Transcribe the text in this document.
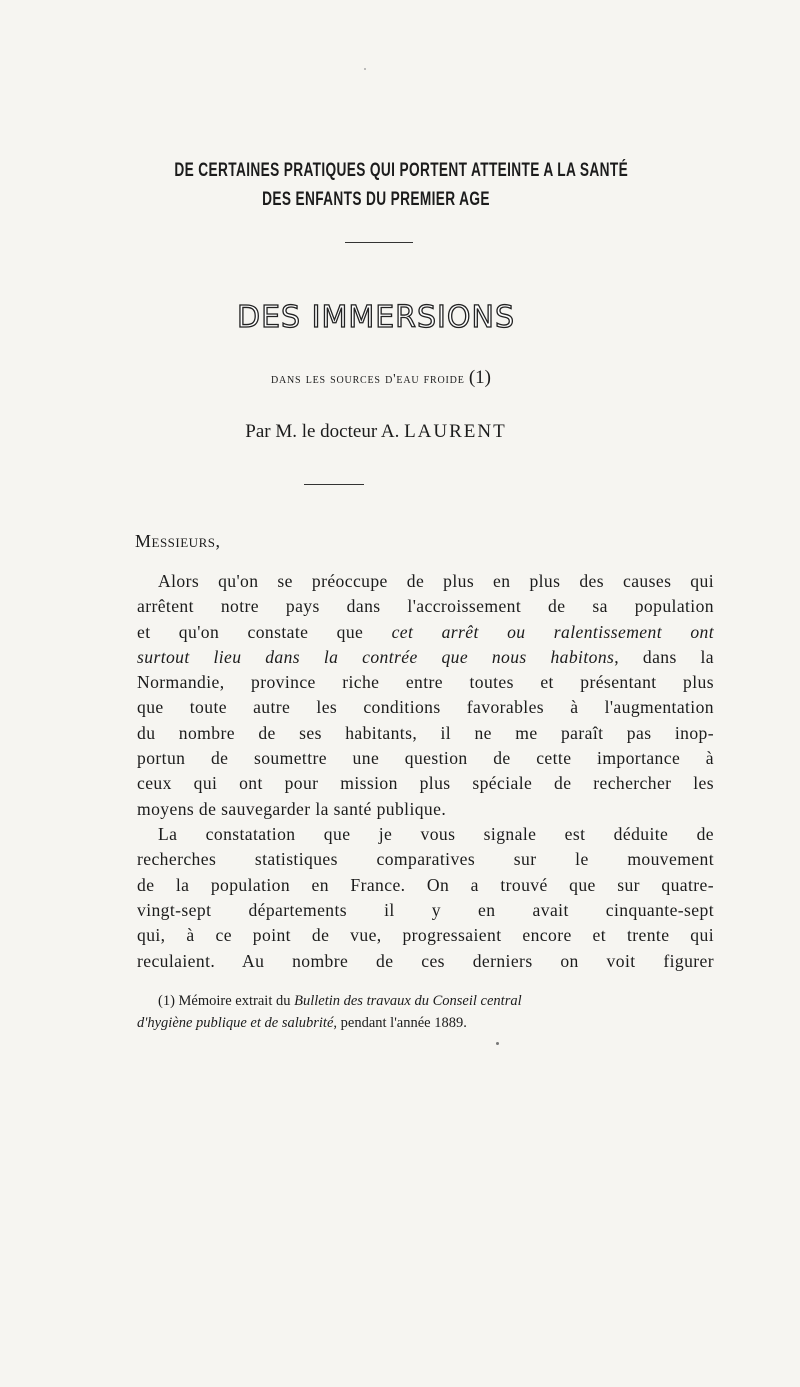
DE CERTAINES PRATIQUES QUI PORTENT ATTEINTE A LA SANTÉ
DES ENFANTS DU PREMIER AGE
DES IMMERSIONS
dans les sources d'eau froide (1)
Par M. le docteur A. LAURENT
Messieurs,
Alors qu'on se préoccupe de plus en plus des causes qui
arrêtent notre pays dans l'accroissement de sa population
et qu'on constate que cet arrêt ou ralentissement ont
surtout lieu dans la contrée que nous habitons, dans la
Normandie, province riche entre toutes et présentant plus
que toute autre les conditions favorables à l'augmentation
du nombre de ses habitants, il ne me paraît pas inop-
portun de soumettre une question de cette importance à
ceux qui ont pour mission plus spéciale de rechercher les
moyens de sauvegarder la santé publique.
La constatation que je vous signale est déduite de
recherches statistiques comparatives sur le mouvement
de la population en France. On a trouvé que sur quatre-
vingt-sept départements il y en avait cinquante-sept
qui, à ce point de vue, progressaient encore et trente qui
reculaient. Au nombre de ces derniers on voit figurer
(1) Mémoire extrait du Bulletin des travaux du Conseil central
d'hygiène publique et de salubrité, pendant l'année 1889.
